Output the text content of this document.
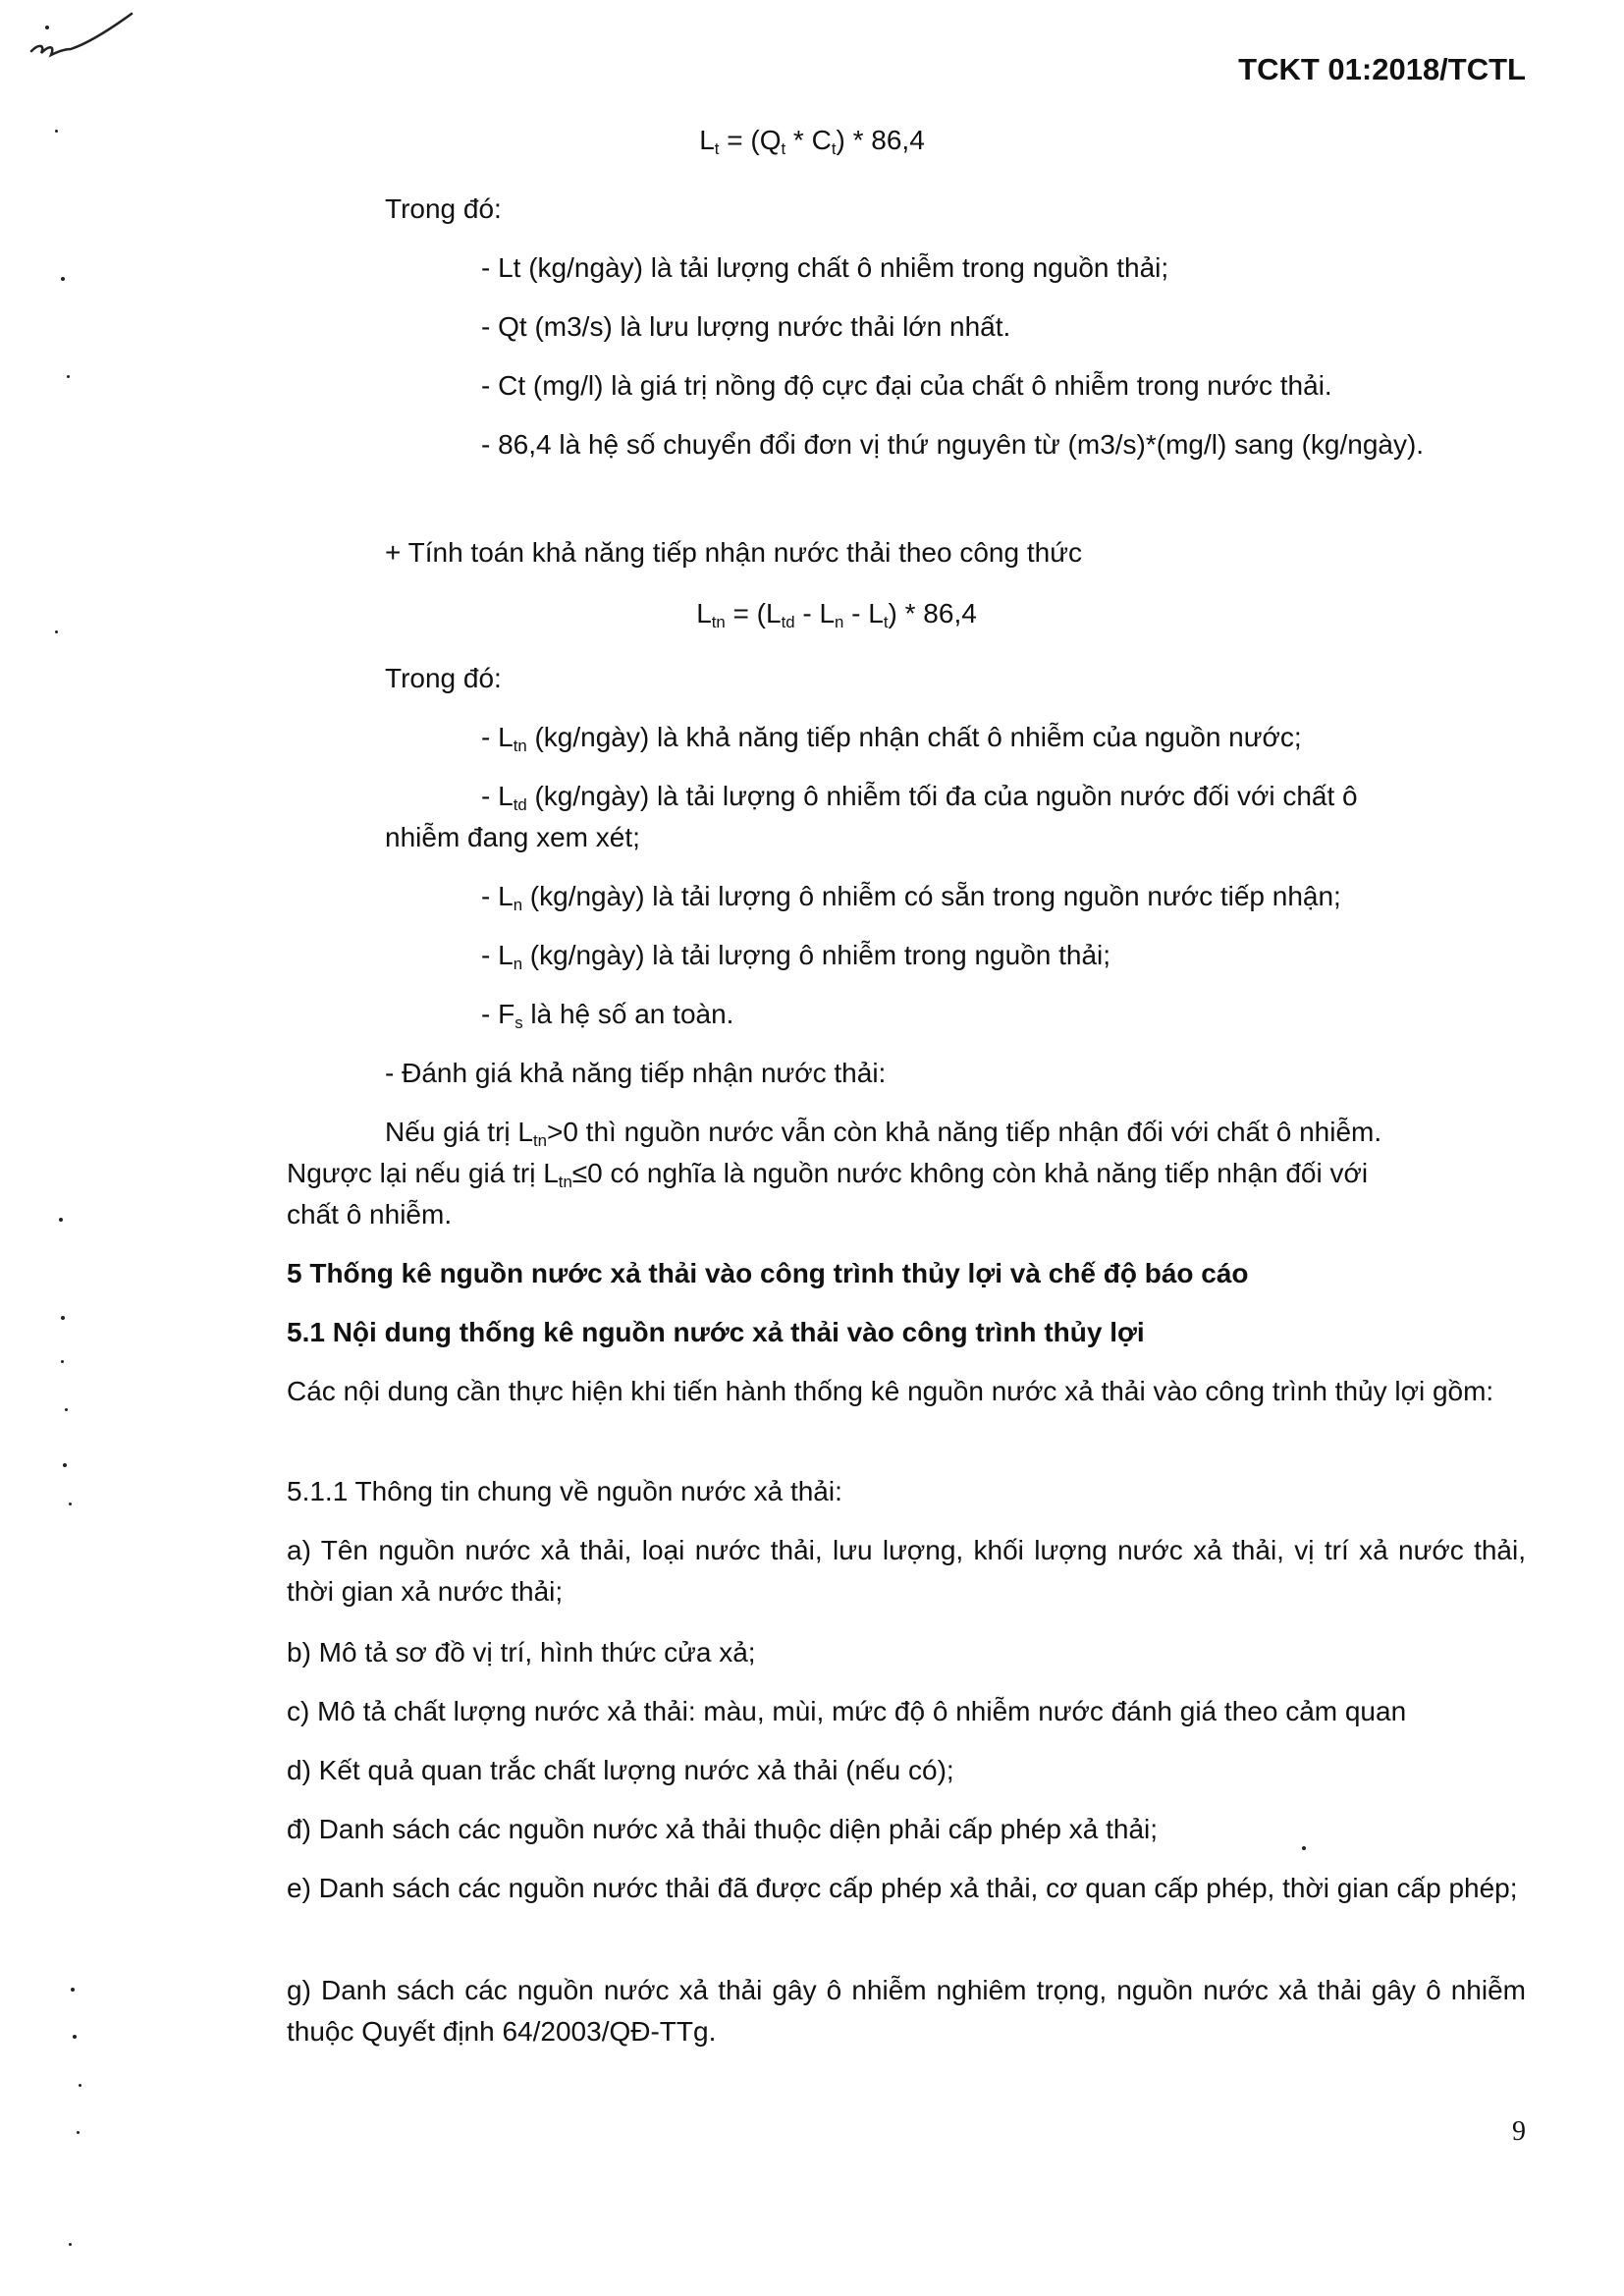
TCKT 01:2018/TCTL
$L_t = (Q_t * C_t) * 86,4$
Trong đó:
- Lt (kg/ngày) là tải lượng chất ô nhiễm trong nguồn thải;
- Qt (m3/s) là lưu lượng nước thải lớn nhất.
- Ct (mg/l) là giá trị nồng độ cực đại của chất ô nhiễm trong nước thải.
- 86,4 là hệ số chuyển đổi đơn vị thứ nguyên từ (m3/s)*(mg/l) sang (kg/ngày).
+ Tính toán khả năng tiếp nhận nước thải theo công thức
$L_{tn} = (L_{td} - L_n - L_t) * 86,4$
Trong đó:
- $L_{tn}$ (kg/ngày) là khả năng tiếp nhận chất ô nhiễm của nguồn nước;
- $L_{td}$ (kg/ngày) là tải lượng ô nhiễm tối đa của nguồn nước đối với chất ô
nhiễm đang xem xét;
- $L_n$ (kg/ngày) là tải lượng ô nhiễm có sẵn trong nguồn nước tiếp nhận;
- $L_n$ (kg/ngày) là tải lượng ô nhiễm trong nguồn thải;
- $F_s$ là hệ số an toàn.
- Đánh giá khả năng tiếp nhận nước thải:
Nếu giá trị $L_{tn}>0$ thì nguồn nước vẫn còn khả năng tiếp nhận đối với chất ô nhiễm.
Ngược lại nếu giá trị $L_{tn}\le 0$ có nghĩa là nguồn nước không còn khả năng tiếp nhận đối với
chất ô nhiễm.
5 Thống kê nguồn nước xả thải vào công trình thủy lợi và chế độ báo cáo
5.1 Nội dung thống kê nguồn nước xả thải vào công trình thủy lợi
Các nội dung cần thực hiện khi tiến hành thống kê nguồn nước xả thải vào công trình thủy lợi gồm:
5.1.1 Thông tin chung về nguồn nước xả thải:
a) Tên nguồn nước xả thải, loại nước thải, lưu lượng, khối lượng nước xả thải, vị trí xả nước thải, thời gian xả nước thải;
b) Mô tả sơ đồ vị trí, hình thức cửa xả;
c) Mô tả chất lượng nước xả thải: màu, mùi, mức độ ô nhiễm nước đánh giá theo cảm quan
d) Kết quả quan trắc chất lượng nước xả thải (nếu có);
đ) Danh sách các nguồn nước xả thải thuộc diện phải cấp phép xả thải;
e) Danh sách các nguồn nước thải đã được cấp phép xả thải, cơ quan cấp phép, thời gian cấp phép;
g) Danh sách các nguồn nước xả thải gây ô nhiễm nghiêm trọng, nguồn nước xả thải gây ô nhiễm thuộc Quyết định 64/2003/QĐ-TTg.
9
